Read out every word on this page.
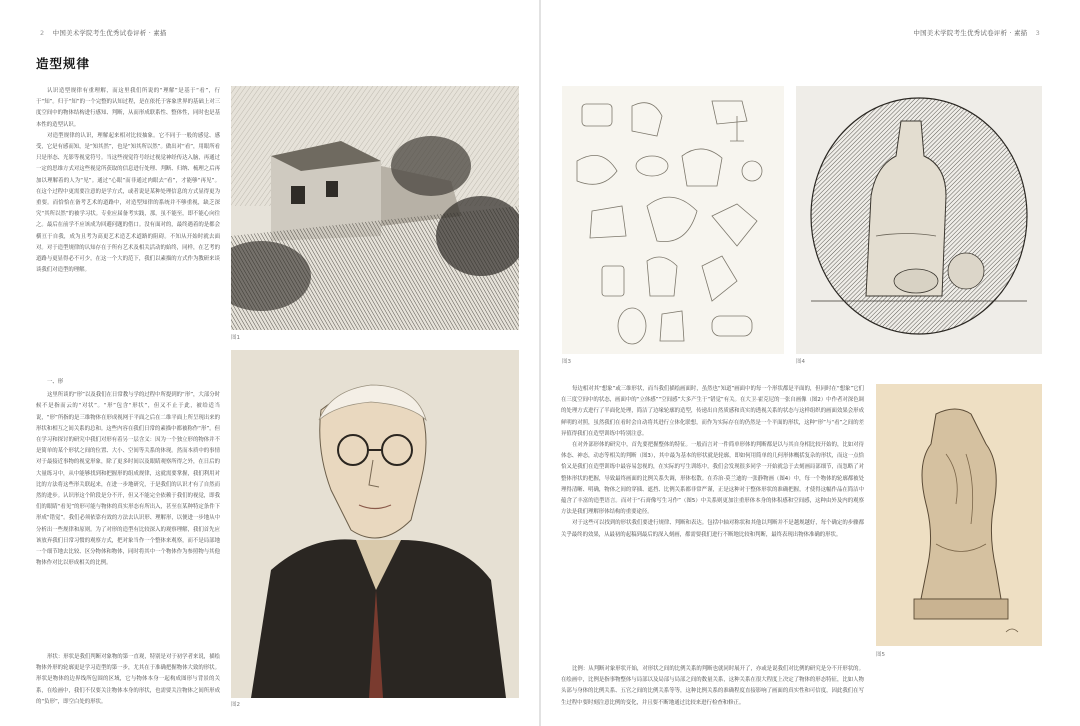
2 中国美术学院考生优秀试卷评析 · 素描	中国美术学院考生优秀试卷评析 · 素描 3
造型规律

认识造型规律有重理解，而这里我们所说的“理解”是基于“看”，行于“知”。归于“知”的一个完整的认知过程，是在依托于客象世界的基础上对三度空间中的物体结构进行感知、判断，从而形成联系性、整体性，同时也是基本性的造型认识。

对造型规律的认识，理解起来相对比较抽象。它不同于一般的感觉、感受，它是有感而知，是“知其然”，也是“知其所以然”。做出对“看”，用眼所看只是形态、光影等视觉符号。当这些视觉符号经过视觉神经传达入脑，再通过一定的思维方式对这些视觉所获取的信息进行处理、判断、归纳、梳理之后再加以理解着的人为“见”。通过“心眼”而非通过肉眼去“看”，才能够“再见”。在这个过程中更需要注意的是学方式，或者说是某种处理信息的方式显得更为重要。而恰恰在备考艺术的道路中，对造型知律的系统并不够重视，缺乏深究“其所以然”的被学习状。专业应届备考实践，那，虽不能至，即不能心向往之。最后在前学不应该成为回避问题的借口。没有面对的，最终遇着的是都会横亘于自我，成为且考为高更艺术造艺术道路的阻碍。不知从开始时就去面对。对于造型规律的认知存在于所有艺术及相关活动的始终，同样，在艺考的道路与更显得必不可少，在这一个大的范下，我们以素描的方式作为教研来谈谈我们对造型的理解。

一、形

这里所谈的“形”以及我们在日常教与学的过程中所提到的“形”，大部分时候不是指而云的“对状”。“形”包含“形状”，但又不止于此，被给适当说，“形”所指的是三维物体在形成视网于平面之后在二维平面上所呈现出来的形状和相互之间关系的总和。这些内容在我们日常的素描中都被称作“形”。但在学习和探讨的研究中我们对形有着另一层含义：因为一个独立形的物体并不是简单的某个形状之间的位置、大小、空间等关系的体现。然而本质中的事情对于最接近事物的视觉形象，除了更多时间以及眼睛观察所得之外，在日后的大量练习中，从中能够找到和把握形的组成规律，这就需要掌握，我们利用对比的方法将这些形关联起来，在进一步地研究，于是我们的认识才有了自然而然的进步。认识形这个阶段是分不开，但又不能完全依赖于我们的视觉，即我们的眼睛“看见”的形可能与物体的真实形态有所出入，甚至在某种特定条件下形成“错觉”。我们必须依靠有效的方法去认识形、理解形，以便进一步地从中分析出一些规律和原则。为了对形的造型有比较深入的观察理解，我们首先应该放弃我们日常习惯的观察方式，把对象当作一个整体来观察，而不是局部地一个细节地去比较、区分物体和物体，同时将其中一个物体作为参照物与其他物体作对比以形成相关的比例。

形状：形状是我们判断对象物的第一直观，特别是对于初学者来说，描绘物体外形的轮廓更是学习造型的第一步，尤其在于准确把握物体大致的形状。形状是物体的边界线所包围的区域，它与物体本身一起构成图形与背景的关系，在绘画中，我们不仅要关注物体本身的形状，也需要关注物体之间所形成的“负形”，即空白处的形状。

每边相对其“想象”或三维形状，而当我们描绘画面时，虽然也“知道”画面中的每一个形状都是平面的，但同时在“想象”它们在三度空间中的状态，画面中的“立体感”“空间感”大多产生于“错觉”有关。在大卫·霍克尼的一张自画像（图2）中作者对深色调的处理方式进行了半面化处理，简洁了边缘轮廓的造型，传递出自然质感和真实的透视关系的状态与这样组织的画面效果会形成鲜明的对照，虽然我们在看时会自动将其进行立体化联想，而作为实际存在的仍然是一个平面的形状，这种“形”与“看”之间的差异值得我们在造型训练中特别注意。

在对外部形体的研究中，首先要把握整体的特征。一般而言对一件简单形体的判断都是以与其自身相比较开始的，比如对待体态、神态，动态等相关的判断（图3），其中最为基本的形状就是轮廓，即如何用简单的几何形体概括复杂的形状，而这一点恰恰又是我们在造型训练中最容易忽视的，在实际的写生训练中，我们会发现很多同学一开始就急于去刻画局部细节，而忽略了对整体形状的把握，导致最终画面的比例关系失调，形体松散。在乔治·莫兰迪的一张静物画（图4）中，每一个物体的轮廓都被处理得清晰、明确，物体之间的穿插、遮挡、比例关系都非常严谨，正是这种对于整体形状的准确把握，才使得这幅作品在简洁中蕴含了丰富的造型语言。而对于“石膏像写生习作”（图5）中关系则更加注重形体本身的体积感和空间感，这种由外及内的观察方法是我们理解形体结构的重要途径。

对于这些可以找到的形状我们要进行规律、判断和表达。包括中轴对称状和其他以判断并不是越规越好，每个确定的步骤都关乎最终的效果，从最初的起稿到最后的深入刻画，都需要我们进行不断地比较和判断，最终表现出物体准确的形状。

比例：从判断对象形状开始，对形状之间的比例关系的判断也就同时展开了，亦或是说我们对比例的研究是分不开形状的。在绘画中，比例是指事物整体与局部以及局部与局部之间的数量关系，这种关系在很大程度上决定了物体的形态特征，比如人物头部与身体的比例关系、五官之间的比例关系等等，这种比例关系的准确程度直接影响了画面的真实性和可信度，因此我们在写生过程中要时刻注意比例的变化，并且要不断地通过比较来进行检查和修正。

图1
图2
图3	图4
图5
